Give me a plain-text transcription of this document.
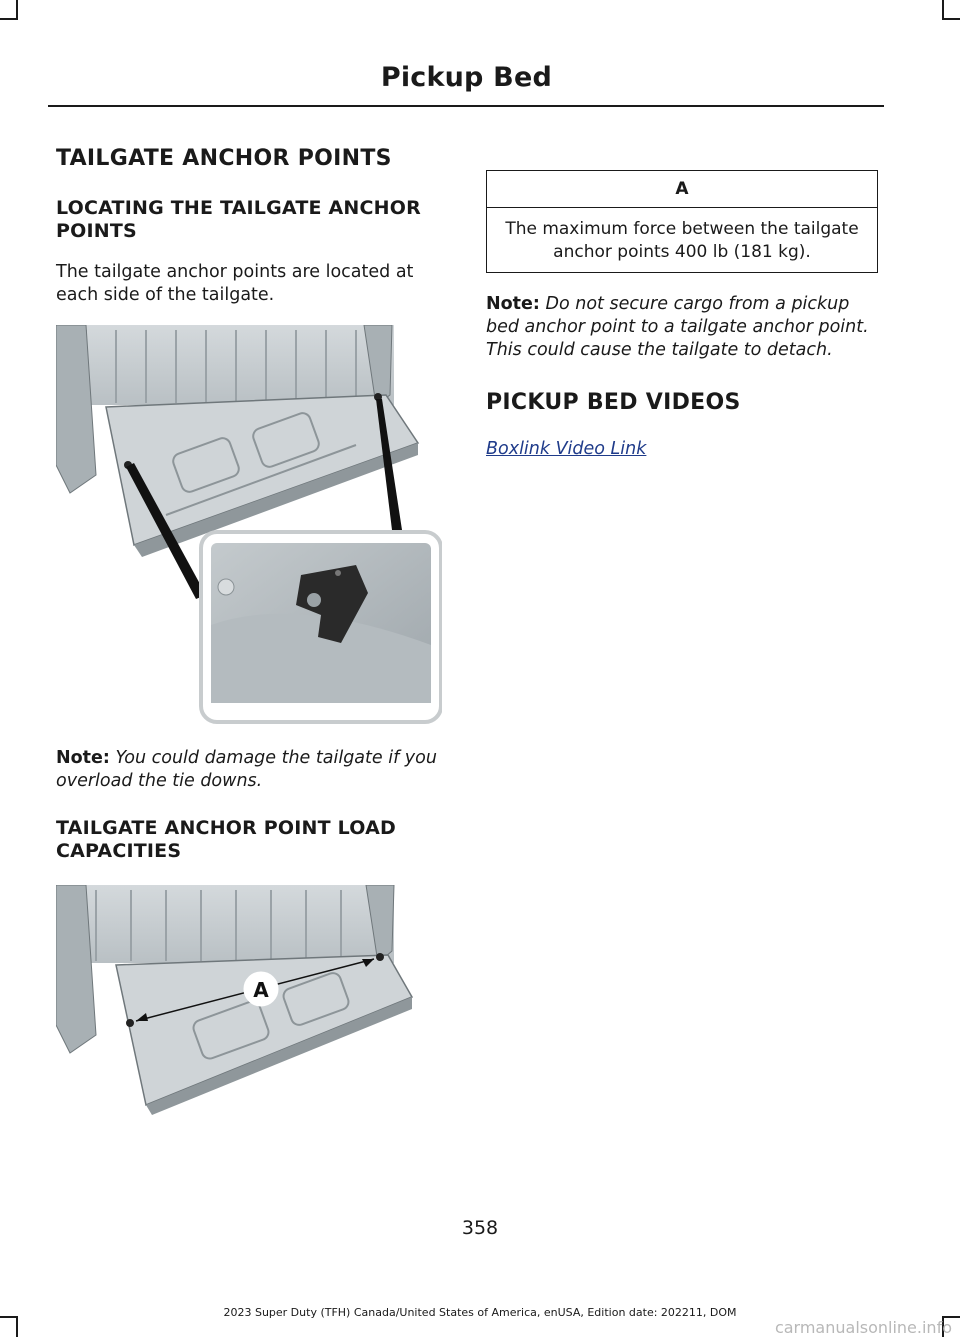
Pickup Bed
TAILGATE ANCHOR POINTS
LOCATING THE TAILGATE ANCHOR POINTS

The tailgate anchor points are located at each side of the tailgate.

Note: You could damage the tailgate if you overload the tie downs.

TAILGATE ANCHOR POINT LOAD CAPACITIES
A
A
The maximum force between the tailgate anchor points 400 lb (181 kg).

Note: Do not secure cargo from a pickup bed anchor point to a tailgate anchor point. This could cause the tailgate to detach.

PICKUP BED VIDEOS
Boxlink Video Link
358
2023 Super Duty (TFH) Canada/United States of America, enUSA, Edition date: 202211, DOM
carmanualsonline.info
